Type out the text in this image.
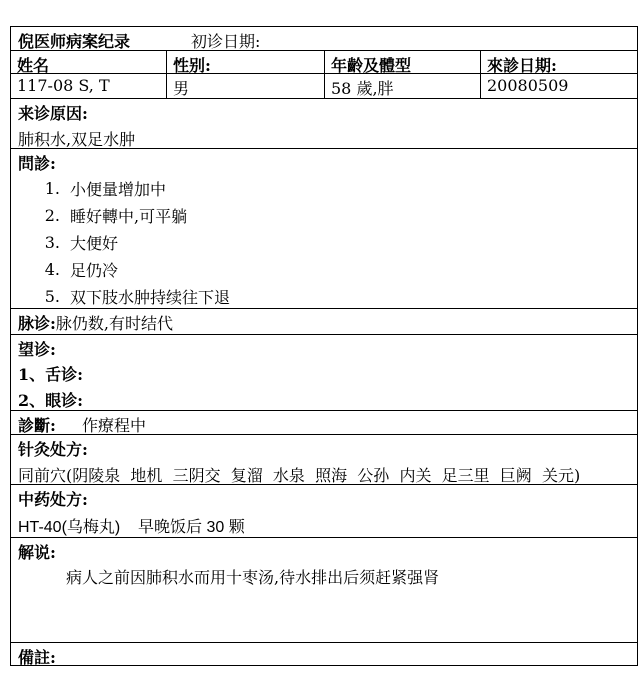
倪医师病案纪录	初诊日期:
姓名	性别:	年齡及體型	來診日期:
117-08 S, T	男	58 歲,胖	20080509
来诊原因:
肺积水,双足水肿
問診:
1. 小便量增加中
2. 睡好轉中,可平躺
3. 大便好
4. 足仍冷
5. 双下肢水肿持续往下退
脉诊:脉仍数,有时结代
望诊:
1、舌诊:
2、眼诊:
診斷: 作療程中
针灸处方:
同前穴(阴陵泉  地机  三阴交  复溜  水泉  照海  公孙  内关  足三里  巨阙  关元)
中药处方:
HT-40(乌梅丸)    早晚饭后 30 颗
解说:
病人之前因肺积水而用十枣汤,待水排出后须赶紧强肾
備註:
